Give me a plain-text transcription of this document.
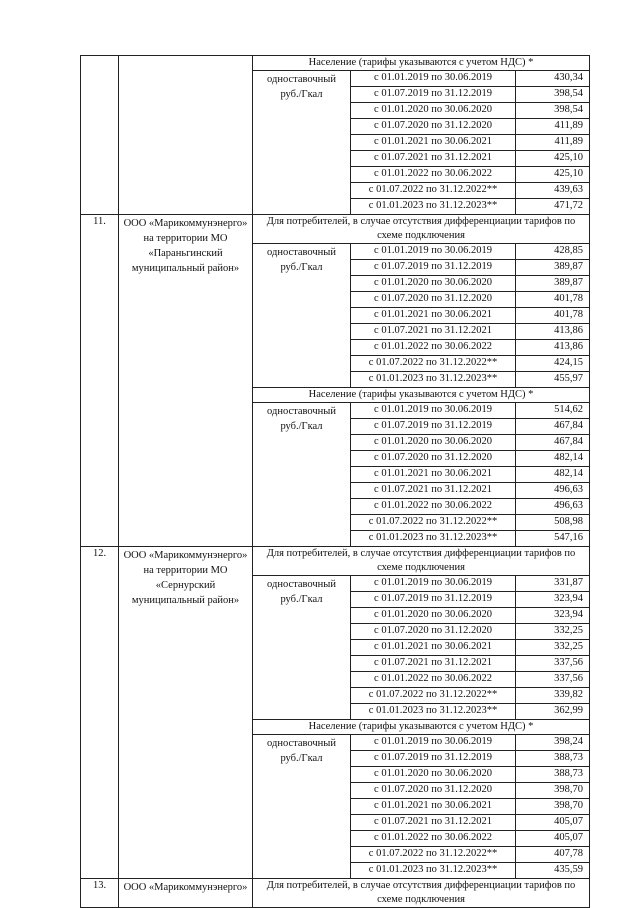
Население (тарифы указываются с учетом НДС) *
одноставочный
руб./Гкал	с 01.01.2019 по 30.06.2019	430,34
с 01.07.2019 по 31.12.2019	398,54
с 01.01.2020 по 30.06.2020	398,54
с 01.07.2020 по 31.12.2020	411,89
с 01.01.2021 по 30.06.2021	411,89
с 01.07.2021 по 31.12.2021	425,10
с 01.01.2022 по 30.06.2022	425,10
с 01.07.2022 по 31.12.2022**	439,63
с 01.01.2023 по 31.12.2023**	471,72

11.	ООО «Марикоммунэнерго» на территории МО «Параньгинский муниципальный район»	
Для потребителей, в случае отсутствия дифференциации тарифов по схеме подключения
одноставочный
руб./Гкал	с 01.01.2019 по 30.06.2019	428,85
с 01.07.2019 по 31.12.2019	389,87
с 01.01.2020 по 30.06.2020	389,87
с 01.07.2020 по 31.12.2020	401,78
с 01.01.2021 по 30.06.2021	401,78
с 01.07.2021 по 31.12.2021	413,86
с 01.01.2022 по 30.06.2022	413,86
с 01.07.2022 по 31.12.2022**	424,15
с 01.01.2023 по 31.12.2023**	455,97
Население (тарифы указываются с учетом НДС) *
одноставочный
руб./Гкал	с 01.01.2019 по 30.06.2019	514,62
с 01.07.2019 по 31.12.2019	467,84
с 01.01.2020 по 30.06.2020	467,84
с 01.07.2020 по 31.12.2020	482,14
с 01.01.2021 по 30.06.2021	482,14
с 01.07.2021 по 31.12.2021	496,63
с 01.01.2022 по 30.06.2022	496,63
с 01.07.2022 по 31.12.2022**	508,98
с 01.01.2023 по 31.12.2023**	547,16

12.	ООО «Марикоммунэнерго» на территории МО «Сернурский муниципальный район»	
Для потребителей, в случае отсутствия дифференциации тарифов по схеме подключения
одноставочный
руб./Гкал	с 01.01.2019 по 30.06.2019	331,87
с 01.07.2019 по 31.12.2019	323,94
с 01.01.2020 по 30.06.2020	323,94
с 01.07.2020 по 31.12.2020	332,25
с 01.01.2021 по 30.06.2021	332,25
с 01.07.2021 по 31.12.2021	337,56
с 01.01.2022 по 30.06.2022	337,56
с 01.07.2022 по 31.12.2022**	339,82
с 01.01.2023 по 31.12.2023**	362,99
Население (тарифы указываются с учетом НДС) *
одноставочный
руб./Гкал	с 01.01.2019 по 30.06.2019	398,24
с 01.07.2019 по 31.12.2019	388,73
с 01.01.2020 по 30.06.2020	388,73
с 01.07.2020 по 31.12.2020	398,70
с 01.01.2021 по 30.06.2021	398,70
с 01.07.2021 по 31.12.2021	405,07
с 01.01.2022 по 30.06.2022	405,07
с 01.07.2022 по 31.12.2022**	407,78
с 01.01.2023 по 31.12.2023**	435,59

13.	ООО «Марикоммунэнерго»	Для потребителей, в случае отсутствия дифференциации тарифов по схеме подключения
